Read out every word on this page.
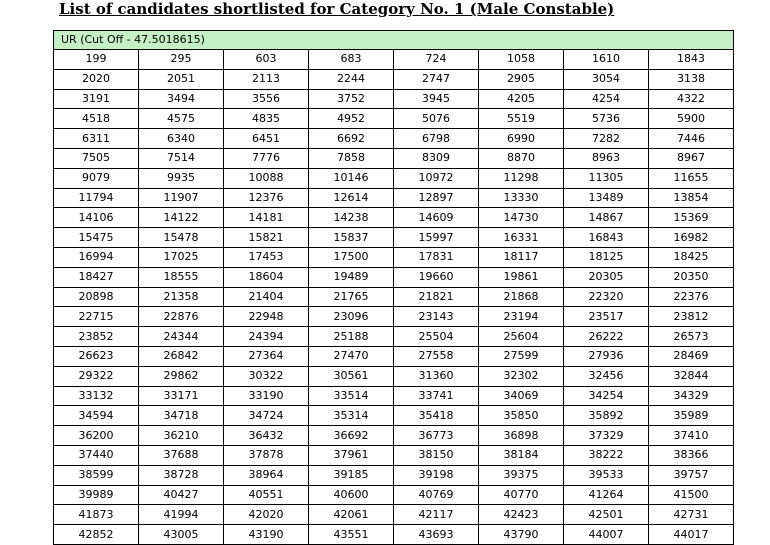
List of candidates shortlisted for Category No. 1 (Male Constable)
UR (Cut Off - 47.5018615)							
199	295	603	683	724	1058	1610	1843
2020	2051	2113	2244	2747	2905	3054	3138
3191	3494	3556	3752	3945	4205	4254	4322
4518	4575	4835	4952	5076	5519	5736	5900
6311	6340	6451	6692	6798	6990	7282	7446
7505	7514	7776	7858	8309	8870	8963	8967
9079	9935	10088	10146	10972	11298	11305	11655
11794	11907	12376	12614	12897	13330	13489	13854
14106	14122	14181	14238	14609	14730	14867	15369
15475	15478	15821	15837	15997	16331	16843	16982
16994	17025	17453	17500	17831	18117	18125	18425
18427	18555	18604	19489	19660	19861	20305	20350
20898	21358	21404	21765	21821	21868	22320	22376
22715	22876	22948	23096	23143	23194	23517	23812
23852	24344	24394	25188	25504	25604	26222	26573
26623	26842	27364	27470	27558	27599	27936	28469
29322	29862	30322	30561	31360	32302	32456	32844
33132	33171	33190	33514	33741	34069	34254	34329
34594	34718	34724	35314	35418	35850	35892	35989
36200	36210	36432	36692	36773	36898	37329	37410
37440	37688	37878	37961	38150	38184	38222	38366
38599	38728	38964	39185	39198	39375	39533	39757
39989	40427	40551	40600	40769	40770	41264	41500
41873	41994	42020	42061	42117	42423	42501	42731
42852	43005	43190	43551	43693	43790	44007	44017
